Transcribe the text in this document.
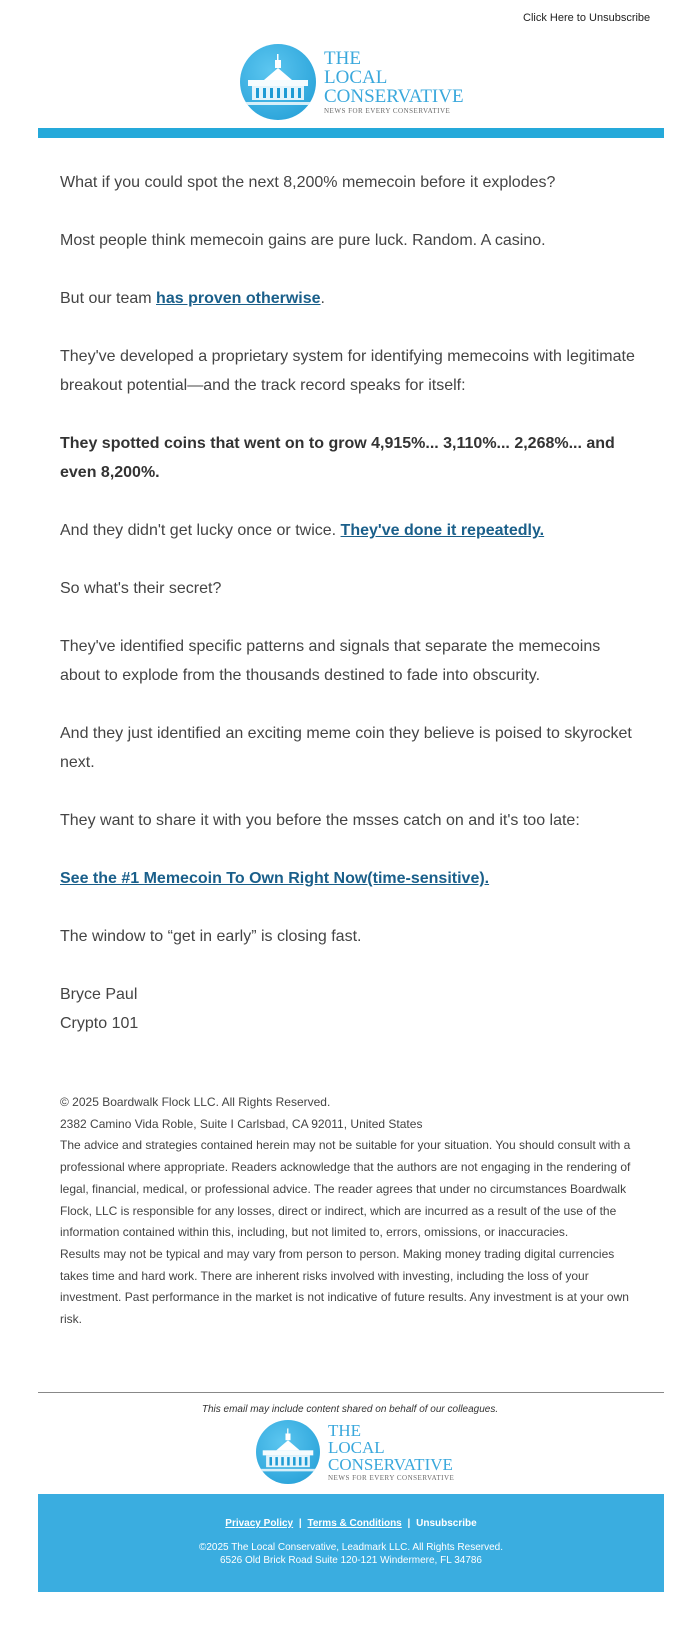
Click Here to Unsubscribe
THE
LOCAL
CONSERVATIVE
NEWS FOR EVERY CONSERVATIVE

What if you could spot the next 8,200% memecoin before it explodes?

Most people think memecoin gains are pure luck. Random. A casino.

But our team has proven otherwise.

They've developed a proprietary system for identifying memecoins with legitimate breakout potential—and the track record speaks for itself:

They spotted coins that went on to grow 4,915%... 3,110%... 2,268%... and even 8,200%.

And they didn't get lucky once or twice. They've done it repeatedly.

So what's their secret?

They've identified specific patterns and signals that separate the memecoins about to explode from the thousands destined to fade into obscurity.

And they just identified an exciting meme coin they believe is poised to skyrocket next.

They want to share it with you before the msses catch on and it's too late:

See the #1 Memecoin To Own Right Now(time-sensitive).

The window to “get in early” is closing fast.

Bryce Paul

Crypto 101

© 2025 Boardwalk Flock LLC. All Rights Reserved.

2382 Camino Vida Roble, Suite I Carlsbad, CA 92011, United States

The advice and strategies contained herein may not be suitable for your situation. You should consult with a professional where appropriate. Readers acknowledge that the authors are not engaging in the rendering of legal, financial, medical, or professional advice. The reader agrees that under no circumstances Boardwalk Flock, LLC is responsible for any losses, direct or indirect, which are incurred as a result of the use of the information contained within this, including, but not limited to, errors, omissions, or inaccuracies.

Results may not be typical and may vary from person to person. Making money trading digital currencies takes time and hard work. There are inherent risks involved with investing, including the loss of your investment. Past performance in the market is not indicative of future results. Any investment is at your own risk.

This email may include content shared on behalf of our colleagues.
THE
LOCAL
CONSERVATIVE
NEWS FOR EVERY CONSERVATIVE
Privacy Policy | Terms & Conditions | Unsubscribe
©2025 The Local Conservative, Leadmark LLC. All Rights Reserved.
6526 Old Brick Road Suite 120-121 Windermere, FL 34786
